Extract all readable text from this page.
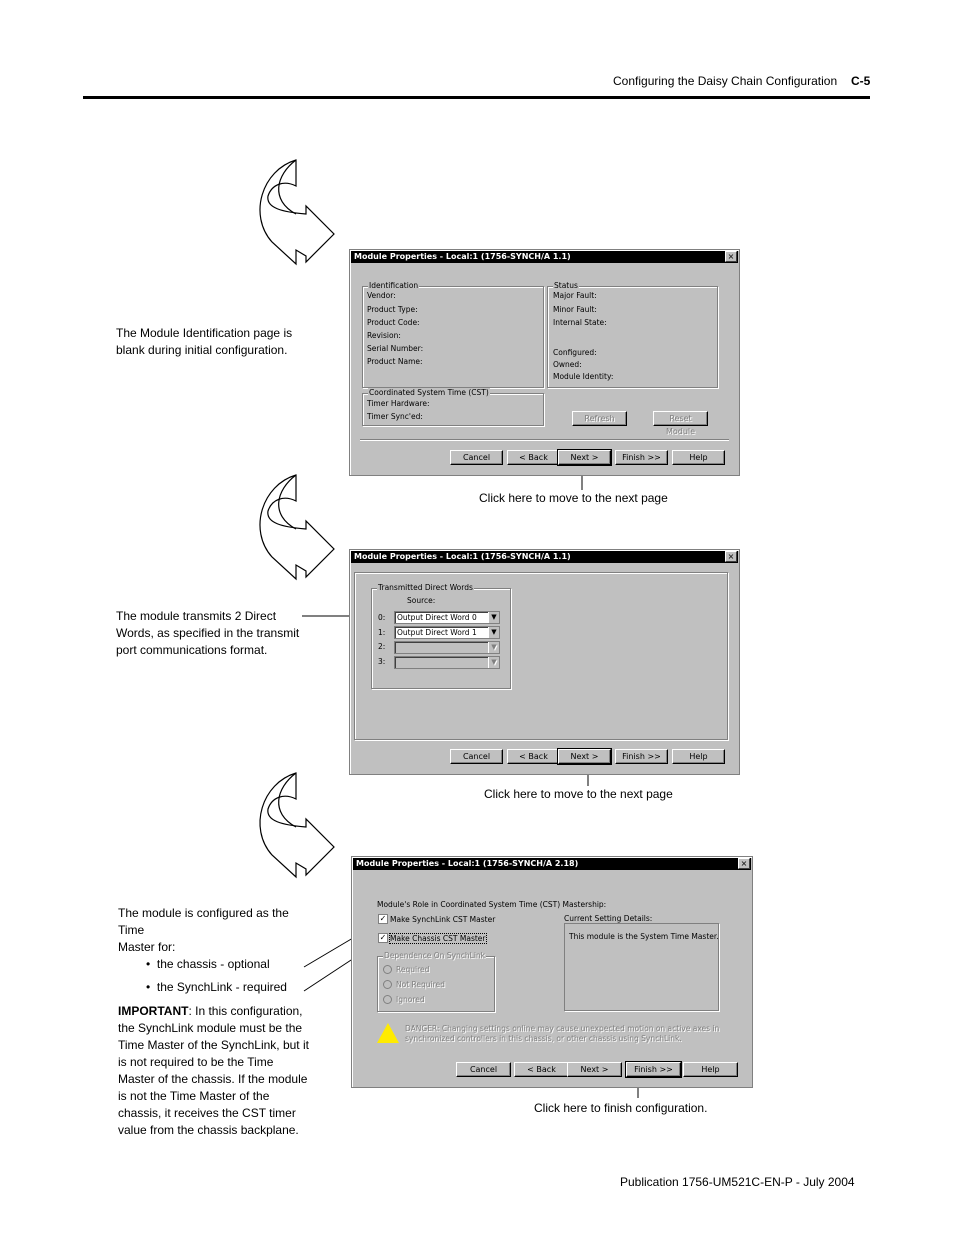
Configuring the Daisy Chain Configuration C-5
The Module Identification page is
blank during initial configuration.
Module Properties - Local:1 (1756-SYNCH/A 1.1)	×
Identification
Vendor:
Product Type:
Product Code:
Revision:
Serial Number:
Product Name:
Status
Major Fault:
Minor Fault:
Internal State:
Configured:
Owned:
Module Identity:
Coordinated System Time (CST)
Timer Hardware:
Timer Sync'ed:	Refresh	Reset Module
Cancel	< Back	Next >	Finish >>	Help
Click here to move to the next page
The module transmits 2 Direct
Words, as specified in the transmit
port communications format.
Module Properties - Local:1 (1756-SYNCH/A 1.1)	×
Transmitted Direct Words
Source:
0:	Output Direct Word 0	▼
1:	Output Direct Word 1	▼
2:	▼
3:	▼
Cancel	< Back	Next >	Finish >>	Help
Click here to move to the next page
The module is configured as the Time
Master for:
•  the chassis - optional
•  the SynchLink - required
IMPORTANT: In this configuration, the SynchLink module must be the Time Master of the SynchLink, but it is not required to be the Time Master of the chassis. If the module is not the Time Master of the chassis, it receives the CST timer value from the chassis backplane.
Module Properties - Local:1 (1756-SYNCH/A 2.18)	×
Module's Role in Coordinated System Time (CST) Mastership:
✓ Make SynchLink CST Master
✓ Make Chassis CST Master
Current Setting Details:
This module is the System Time Master.
Dependence On SynchLink
Required
Not Required
Ignored
DANGER: Changing settings online may cause unexpected motion on active axes in
synchronized controllers in this chassis, or other chassis using SynchLink.
Cancel	< Back	Next >	Finish >>	Help
Click here to finish configuration.
Publication 1756-UM521C-EN-P - July 2004
